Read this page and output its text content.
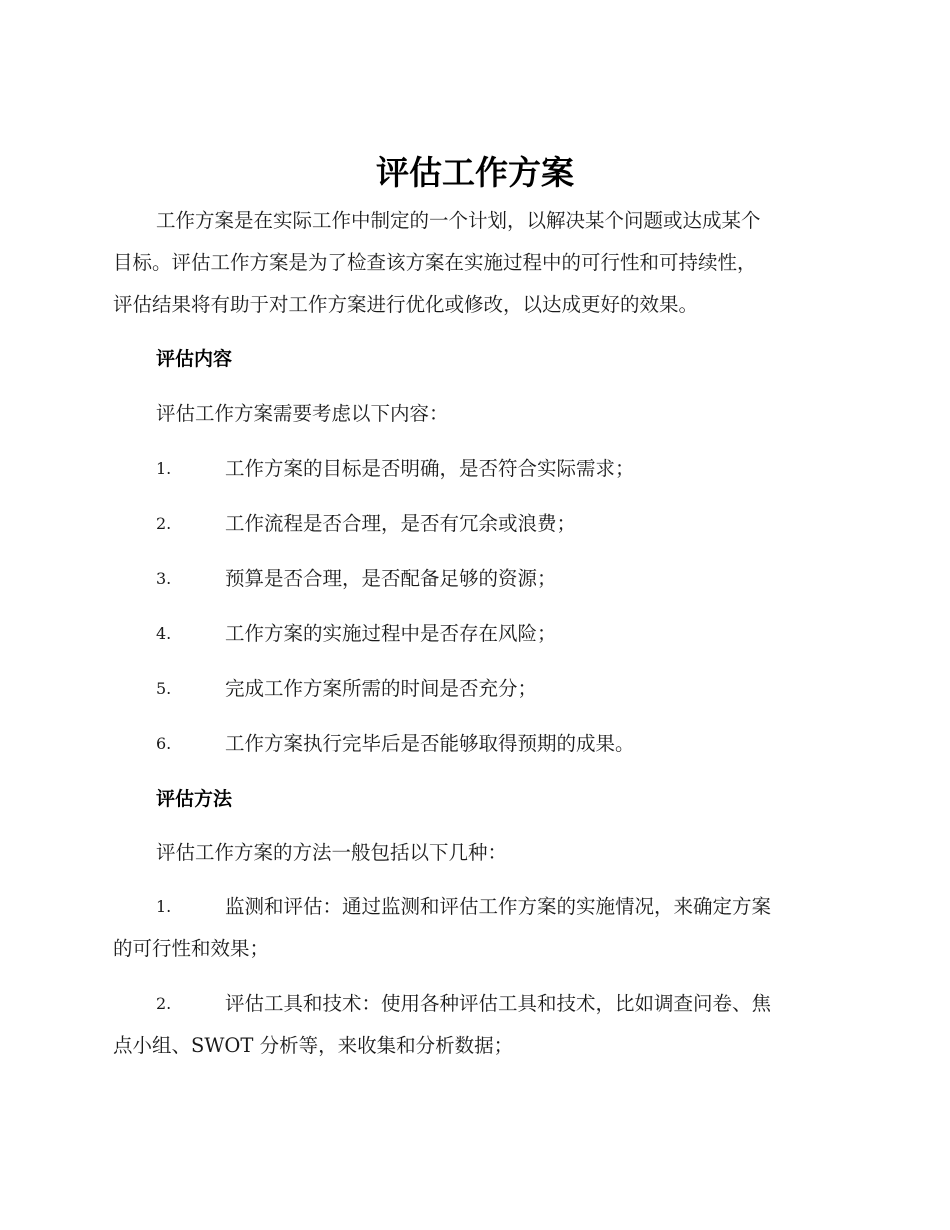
评估工作方案

工作方案是在实际工作中制定的一个计划，以解决某个问题或达成某个

目标。评估工作方案是为了检查该方案在实施过程中的可行性和可持续性，

评估结果将有助于对工作方案进行优化或修改，以达成更好的效果。

评估内容

评估工作方案需要考虑以下内容：

1.	工作方案的目标是否明确，是否符合实际需求；
2.	工作流程是否合理，是否有冗余或浪费；
3.	预算是否合理，是否配备足够的资源；
4.	工作方案的实施过程中是否存在风险；
5.	完成工作方案所需的时间是否充分；
6.	工作方案执行完毕后是否能够取得预期的成果。
评估方法

评估工作方案的方法一般包括以下几种：

1.	监测和评估：通过监测和评估工作方案的实施情况，来确定方案
的可行性和效果；
2.	评估工具和技术：使用各种评估工具和技术，比如调查问卷、焦
点小组、SWOT 分析等，来收集和分析数据；
